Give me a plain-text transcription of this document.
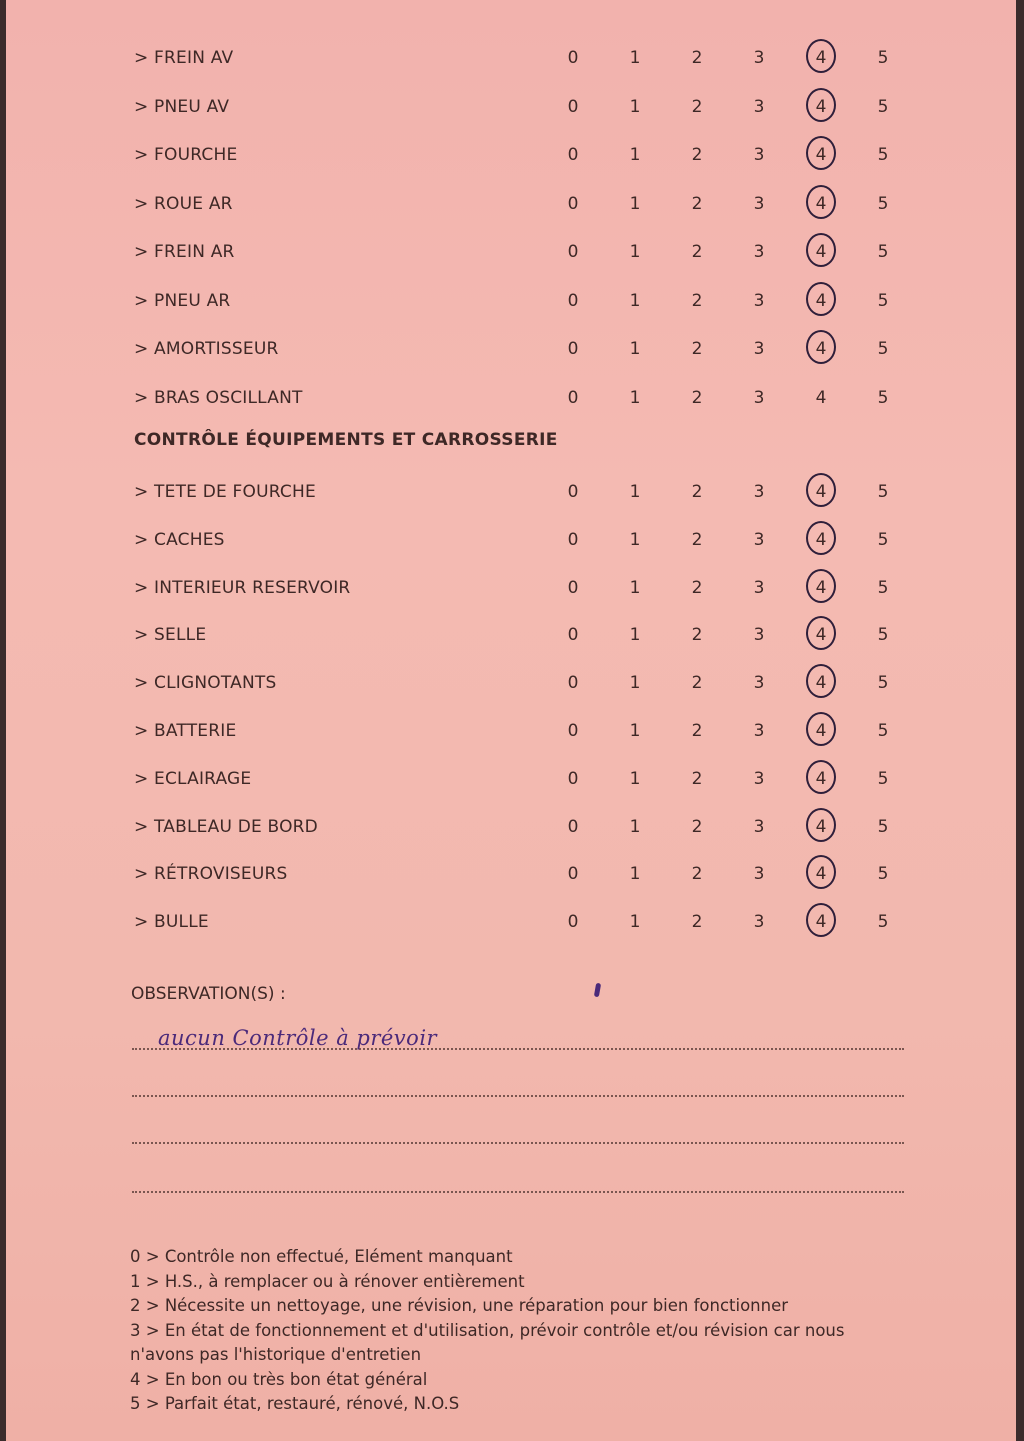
> FREIN AV	0	1	2	3	4	5
> PNEU AV	0	1	2	3	4	5
> FOURCHE	0	1	2	3	4	5
> ROUE AR	0	1	2	3	4	5
> FREIN AR	0	1	2	3	4	5
> PNEU AR	0	1	2	3	4	5
> AMORTISSEUR	0	1	2	3	4	5
> BRAS OSCILLANT	0	1	2	3	4	5
CONTRÔLE ÉQUIPEMENTS ET CARROSSERIE
> TETE DE FOURCHE	0	1	2	3	4	5
> CACHES	0	1	2	3	4	5
> INTERIEUR RESERVOIR	0	1	2	3	4	5
> SELLE	0	1	2	3	4	5
> CLIGNOTANTS	0	1	2	3	4	5
> BATTERIE	0	1	2	3	4	5
> ECLAIRAGE	0	1	2	3	4	5
> TABLEAU DE BORD	0	1	2	3	4	5
> RÉTROVISEURS	0	1	2	3	4	5
> BULLE	0	1	2	3	4	5
OBSERVATION(S) :
aucun Contrôle à prévoir
0 > Contrôle non effectué, Elément manquant
1 > H.S., à remplacer ou à rénover entièrement
2 > Nécessite un nettoyage, une révision, une réparation pour bien fonctionner
3 > En état de fonctionnement et d'utilisation, prévoir contrôle et/ou révision car nous
n'avons pas l'historique d'entretien
4 > En bon ou très bon état général
5 > Parfait état, restauré, rénové, N.O.S
